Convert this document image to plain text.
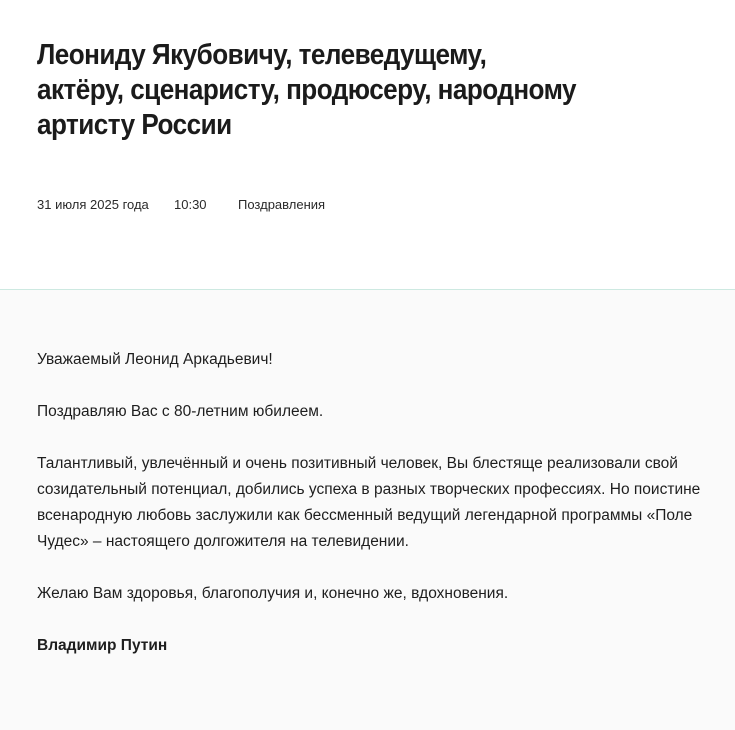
Леониду Якубовичу, телеведущему, актёру, сценаристу, продюсеру, народному артисту России
31 июля 2025 года 10:30 Поздравления

Уважаемый Леонид Аркадьевич!

Поздравляю Вас с 80-летним юбилеем.

Талантливый, увлечённый и очень позитивный человек, Вы блестяще реализовали свой созидательный потенциал, добились успеха в разных творческих профессиях. Но поистине всенародную любовь заслужили как бессменный ведущий легендарной программы «Поле Чудес» – настоящего долгожителя на телевидении.

Желаю Вам здоровья, благополучия и, конечно же, вдохновения.

Владимир Путин
